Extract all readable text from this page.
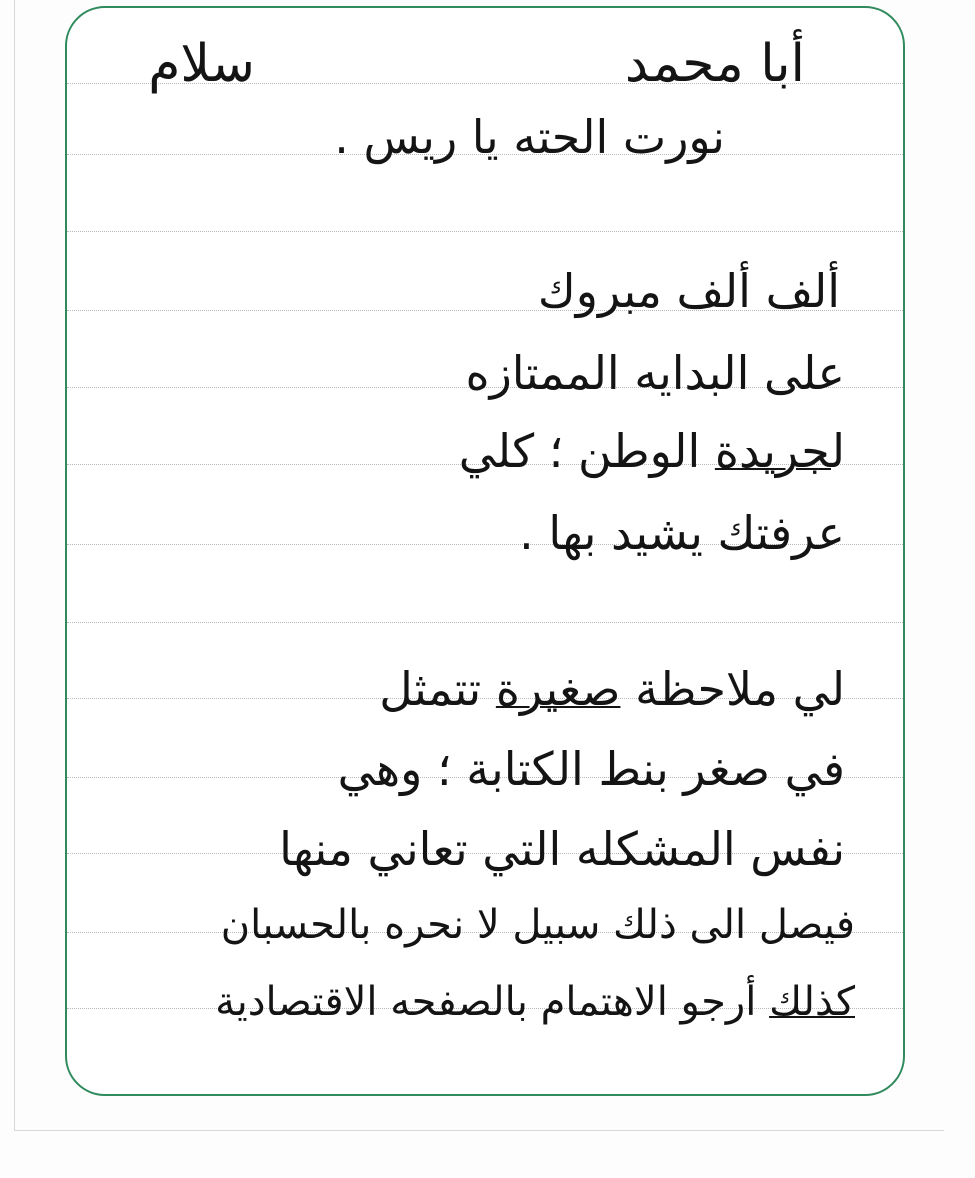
أبا محمد
سلام
نورت الحته يا ريس .
ألف ألف مبروك
على البدايه الممتازه
لجريدة الوطن ؛ كلي
عرفتك يشيد بها .
لي ملاحظة صغيرة تتمثل
في صغر بنط الكتابة ؛ وهي
نفس المشكله التي تعاني منها
فيصل الى ذلك سبيل لا نحره بالحسبان
كذلك أرجو الاهتمام بالصفحه الاقتصادية
